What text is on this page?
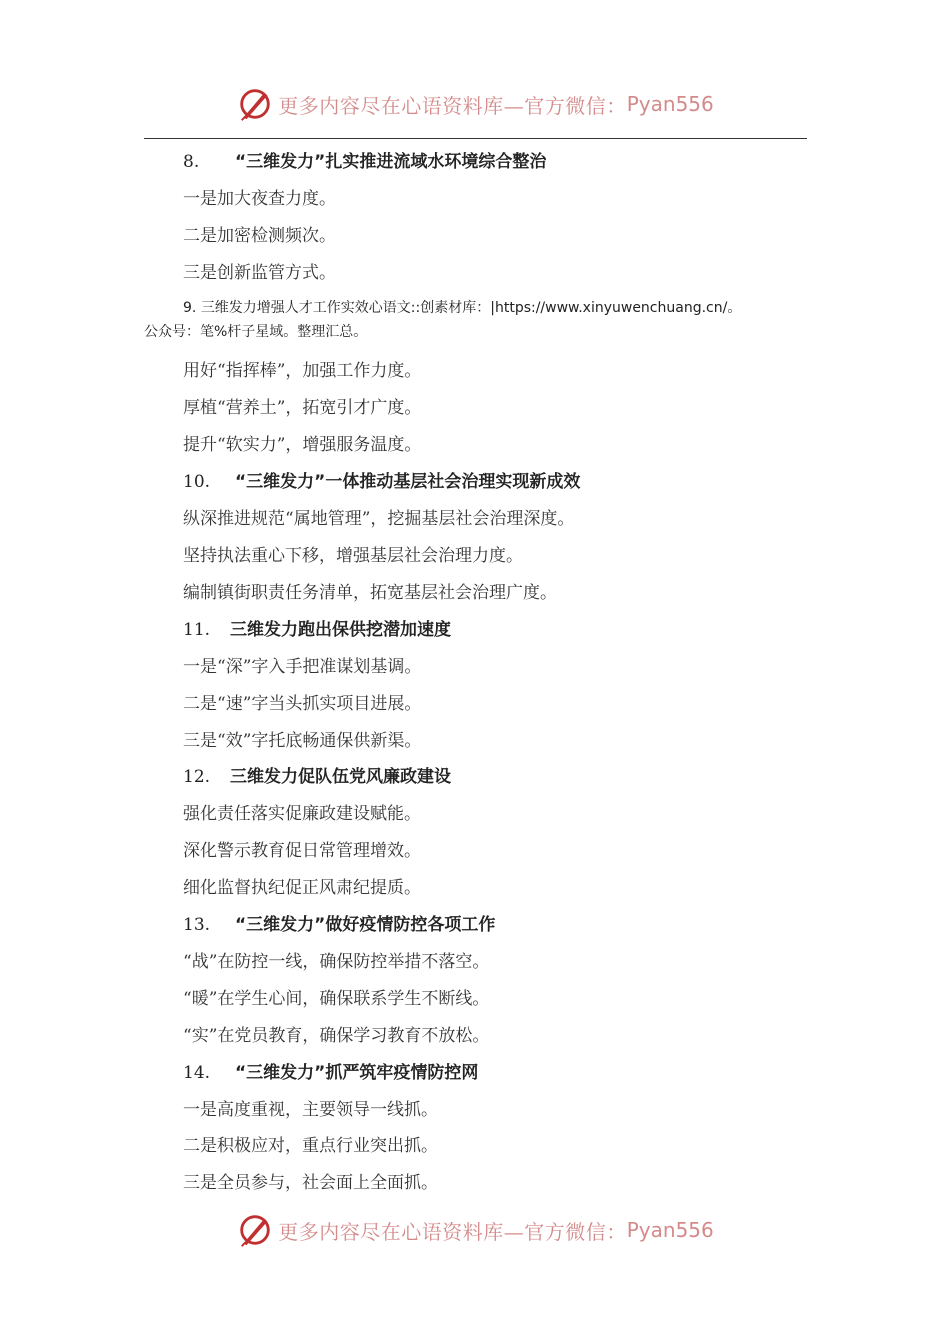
更多内容尽在心语资料库—官方微信： Pyan556
8. “三维发力”扎实推进流域水环境综合整治
一是加大夜查力度。
二是加密检测频次。
三是创新监管方式。
9. 三维发力增强人才工作实效心语文::创素材库：|https://www.xinyuwenchuang.cn/。
公众号：笔%杆子星域。整理汇总。
用好“指挥棒”，加强工作力度。
厚植“营养土”，拓宽引才广度。
提升“软实力”，增强服务温度。
10. “三维发力”一体推动基层社会治理实现新成效
纵深推进规范“属地管理”，挖掘基层社会治理深度。
坚持执法重心下移，增强基层社会治理力度。
编制镇街职责任务清单，拓宽基层社会治理广度。
11. 三维发力跑出保供挖潜加速度
一是“深”字入手把准谋划基调。
二是“速”字当头抓实项目进展。
三是“效”字托底畅通保供新渠。
12. 三维发力促队伍党风廉政建设
强化责任落实促廉政建设赋能。
深化警示教育促日常管理增效。
细化监督执纪促正风肃纪提质。
13. “三维发力”做好疫情防控各项工作
“战”在防控一线，确保防控举措不落空。
“暖”在学生心间，确保联系学生不断线。
“实”在党员教育，确保学习教育不放松。
14. “三维发力”抓严筑牢疫情防控网
一是高度重视，主要领导一线抓。
二是积极应对，重点行业突出抓。
三是全员参与，社会面上全面抓。
更多内容尽在心语资料库—官方微信： Pyan556
